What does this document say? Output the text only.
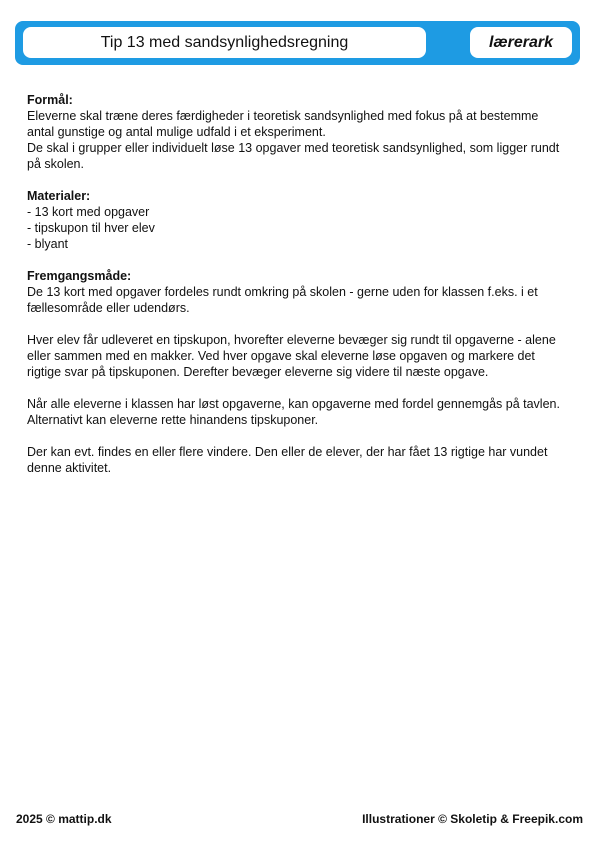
Tip 13 med sandsynlighedsregning	lærerark

Formål:

Eleverne skal træne deres færdigheder i teoretisk sandsynlighed med fokus på at bestemme antal gunstige og antal mulige udfald i et eksperiment.

De skal i grupper eller individuelt løse 13 opgaver med teoretisk sandsynlighed, som ligger rundt på skolen.

Materialer:

- 13 kort med opgaver
- tipskupon til hver elev
- blyant

Fremgangsmåde:

De 13 kort med opgaver fordeles rundt omkring på skolen - gerne uden for klassen f.eks. i et fællesområde eller udendørs.

Hver elev får udleveret en tipskupon, hvorefter eleverne bevæger sig rundt til opgaverne - alene eller sammen med en makker. Ved hver opgave skal eleverne løse opgaven og markere det rigtige svar på tipskuponen. Derefter bevæger eleverne sig videre til næste opgave.

Når alle eleverne i klassen har løst opgaverne, kan opgaverne med fordel gennemgås på tavlen. Alternativt kan eleverne rette hinandens tipskuponer.

Der kan evt. findes en eller flere vindere. Den eller de elever, der har fået 13 rigtige har vundet denne aktivitet.

2025 © mattip.dk	Illustrationer © Skoletip & Freepik.com
